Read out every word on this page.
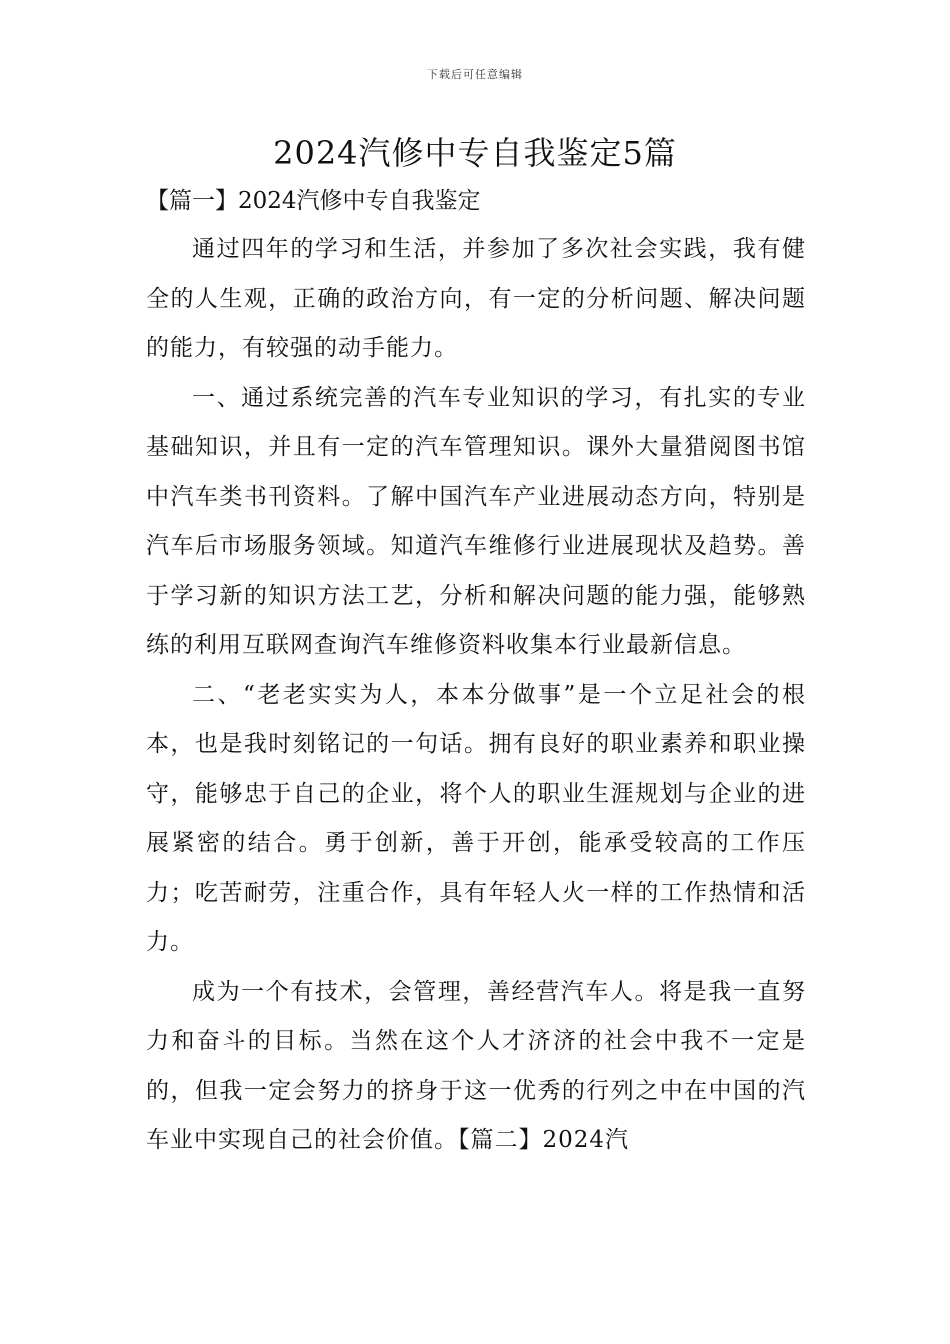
下载后可任意编辑
2024汽修中专自我鉴定5篇
【篇一】2024汽修中专自我鉴定

通过四年的学习和生活，并参加了多次社会实践，我有健全的人生观，正确的政治方向，有一定的分析问题、解决问题的能力，有较强的动手能力。

一、通过系统完善的汽车专业知识的学习，有扎实的专业基础知识，并且有一定的汽车管理知识。课外大量猎阅图书馆中汽车类书刊资料。了解中国汽车产业进展动态方向，特别是汽车后市场服务领域。知道汽车维修行业进展现状及趋势。善于学习新的知识方法工艺，分析和解决问题的能力强，能够熟练的利用互联网查询汽车维修资料收集本行业最新信息。

二、“老老实实为人，本本分做事”是一个立足社会的根本，也是我时刻铭记的一句话。拥有良好的职业素养和职业操守，能够忠于自己的企业，将个人的职业生涯规划与企业的进展紧密的结合。勇于创新，善于开创，能承受较高的工作压力；吃苦耐劳，注重合作，具有年轻人火一样的工作热情和活力。

成为一个有技术，会管理，善经营汽车人。将是我一直努力和奋斗的目标。当然在这个人才济济的社会中我不一定是的，但我一定会努力的挤身于这一优秀的行列之中在中国的汽车业中实现自己的社会价值。【篇二】2024汽
